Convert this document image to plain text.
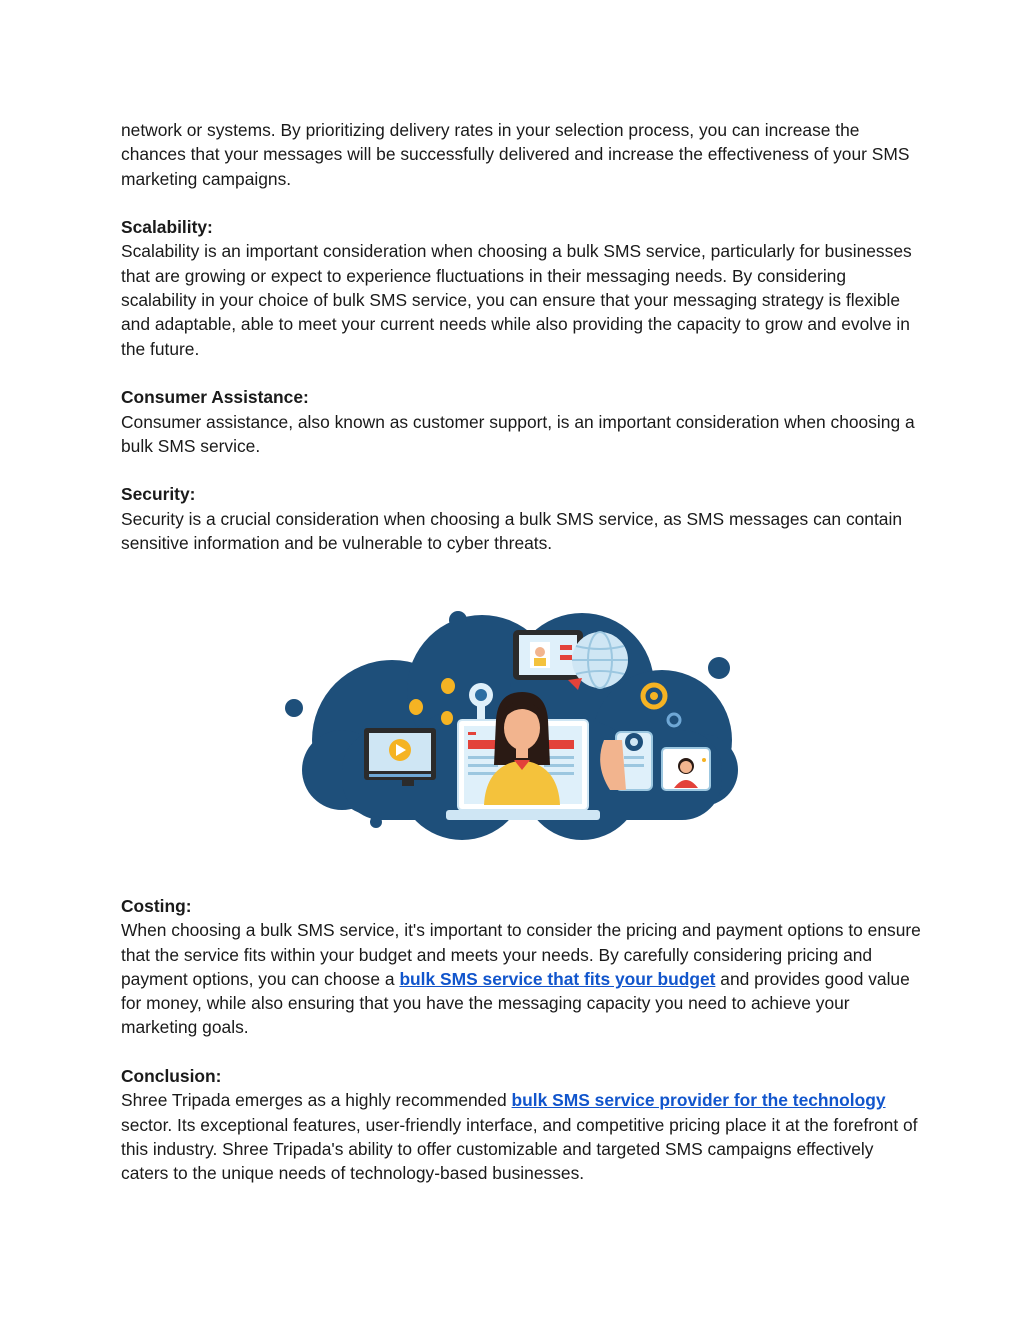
network or systems. By prioritizing delivery rates in your selection process, you can increase the chances that your messages will be successfully delivered and increase the effectiveness of your SMS marketing campaigns.

Scalability:

Scalability is an important consideration when choosing a bulk SMS service, particularly for businesses that are growing or expect to experience fluctuations in their messaging needs. By considering scalability in your choice of bulk SMS service, you can ensure that your messaging strategy is flexible and adaptable, able to meet your current needs while also providing the capacity to grow and evolve in the future.

Consumer Assistance:

Consumer assistance, also known as customer support, is an important consideration when choosing a bulk SMS service.

Security:

Security is a crucial consideration when choosing a bulk SMS service, as SMS messages can contain sensitive information and be vulnerable to cyber threats.

Costing:

When choosing a bulk SMS service, it's important to consider the pricing and payment options to ensure that the service fits within your budget and meets your needs. By carefully considering pricing and payment options, you can choose a bulk SMS service that fits your budget and provides good value for money, while also ensuring that you have the messaging capacity you need to achieve your marketing goals.

Conclusion:

Shree Tripada emerges as a highly recommended bulk SMS service provider for the technology sector. Its exceptional features, user-friendly interface, and competitive pricing place it at the forefront of this industry. Shree Tripada's ability to offer customizable and targeted SMS campaigns effectively caters to the unique needs of technology-based businesses.
